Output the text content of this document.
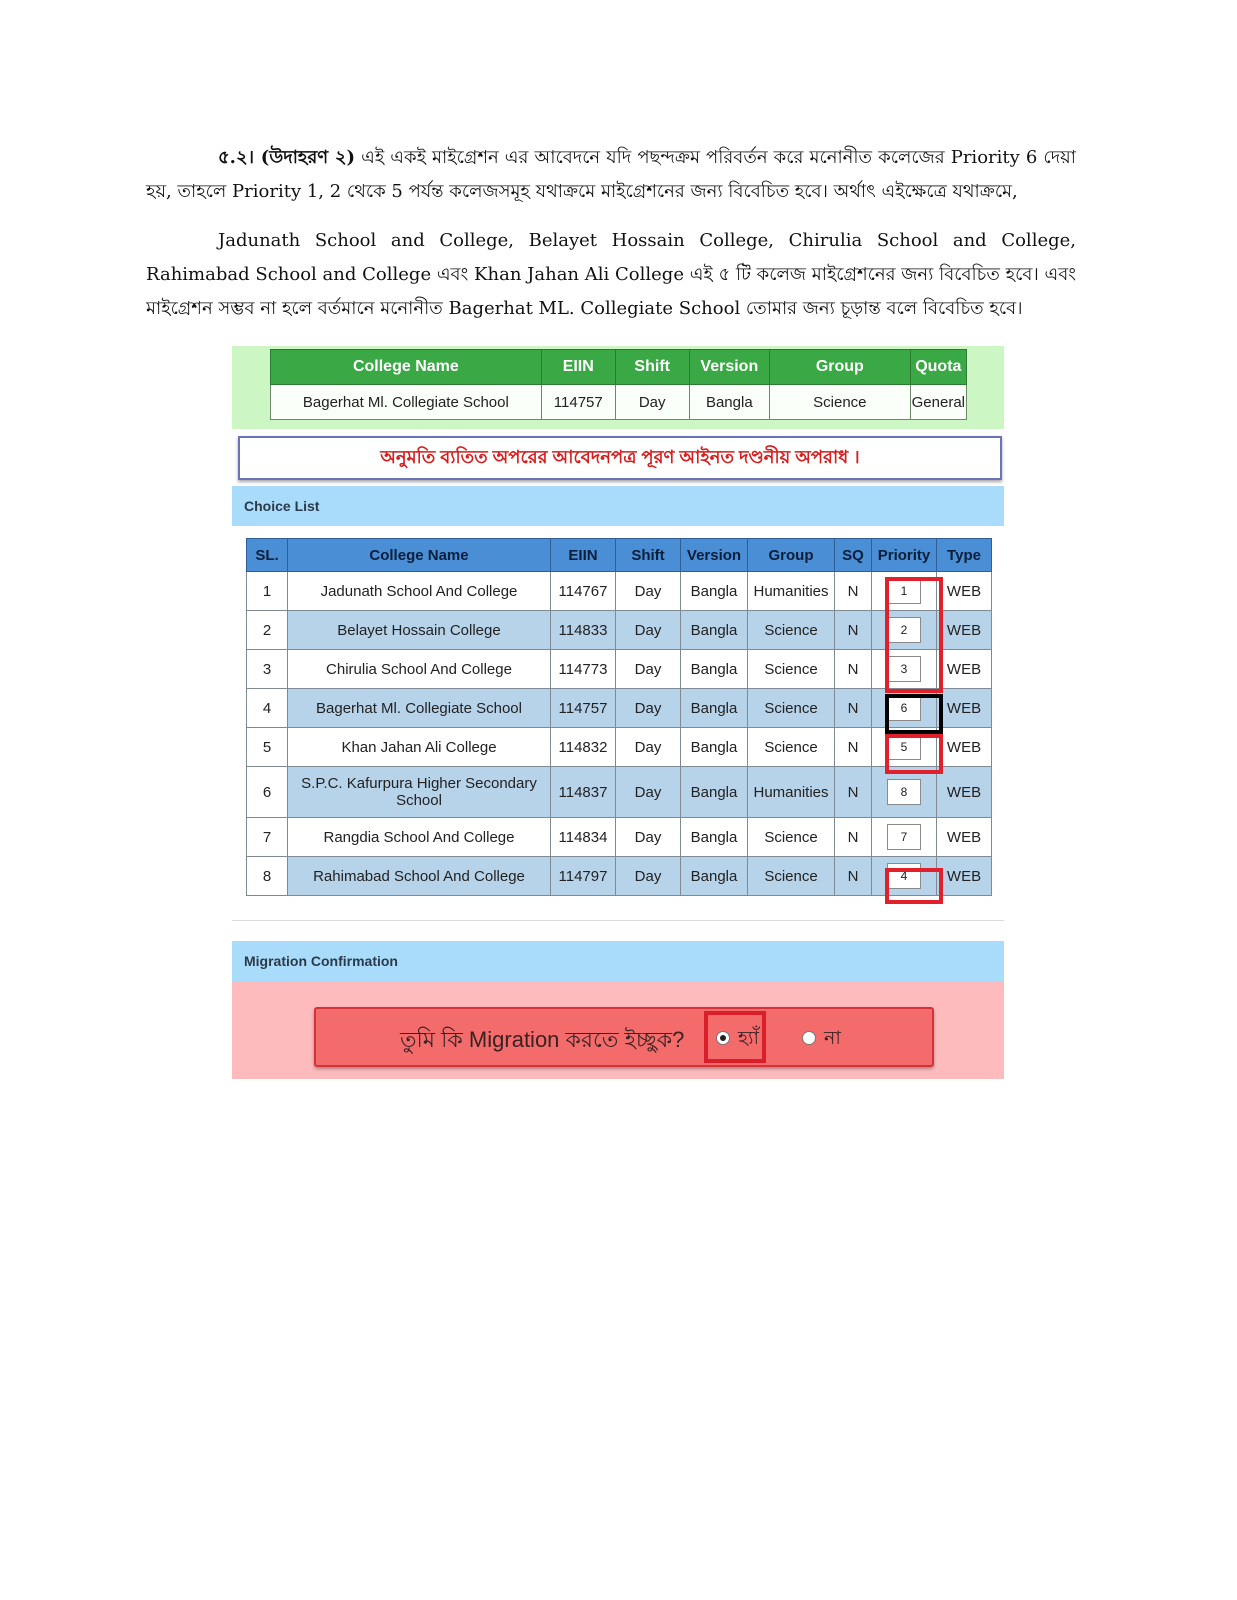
৫.২। (উদাহরণ ২) এই একই মাইগ্রেশন এর আবেদনে যদি পছন্দক্রম পরিবর্তন করে মনোনীত কলেজের Priority 6 দেয়া হয়, তাহলে Priority 1, 2 থেকে 5 পর্যন্ত কলেজসমূহ যথাক্রমে মাইগ্রেশনের জন্য বিবেচিত হবে। অর্থাৎ এইক্ষেত্রে যথাক্রমে,

Jadunath School and College, Belayet Hossain College, Chirulia School and College, Rahimabad School and College এবং Khan Jahan Ali College এই ৫ টি কলেজ মাইগ্রেশনের জন্য বিবেচিত হবে। এবং মাইগ্রেশন সম্ভব না হলে বর্তমানে মনোনীত Bagerhat ML. Collegiate School তোমার জন্য চূড়ান্ত বলে বিবেচিত হবে।

College Name	EIIN	Shift	Version	Group	Quota
Bagerhat Ml. Collegiate School	114757	Day	Bangla	Science	General
অনুমতি ব্যতিত অপরের আবেদনপত্র পূরণ আইনত দণ্ডনীয় অপরাধ ।
Choice List
SL.	College Name	EIIN	Shift	Version	Group	SQ	Priority	Type
1	Jadunath School And College	114767	Day	Bangla	Humanities	N	1	WEB
2	Belayet Hossain College	114833	Day	Bangla	Science	N	2	WEB
3	Chirulia School And College	114773	Day	Bangla	Science	N	3	WEB
4	Bagerhat Ml. Collegiate School	114757	Day	Bangla	Science	N	6	WEB
5	Khan Jahan Ali College	114832	Day	Bangla	Science	N	5	WEB
6	S.P.C. Kafurpura Higher Secondary School	114837	Day	Bangla	Humanities	N	8	WEB
7	Rangdia School And College	114834	Day	Bangla	Science	N	7	WEB
8	Rahimabad School And College	114797	Day	Bangla	Science	N	4	WEB
Migration Confirmation
তুমি কি Migration করতে ইচ্ছুক?	হ্যাঁ	না
